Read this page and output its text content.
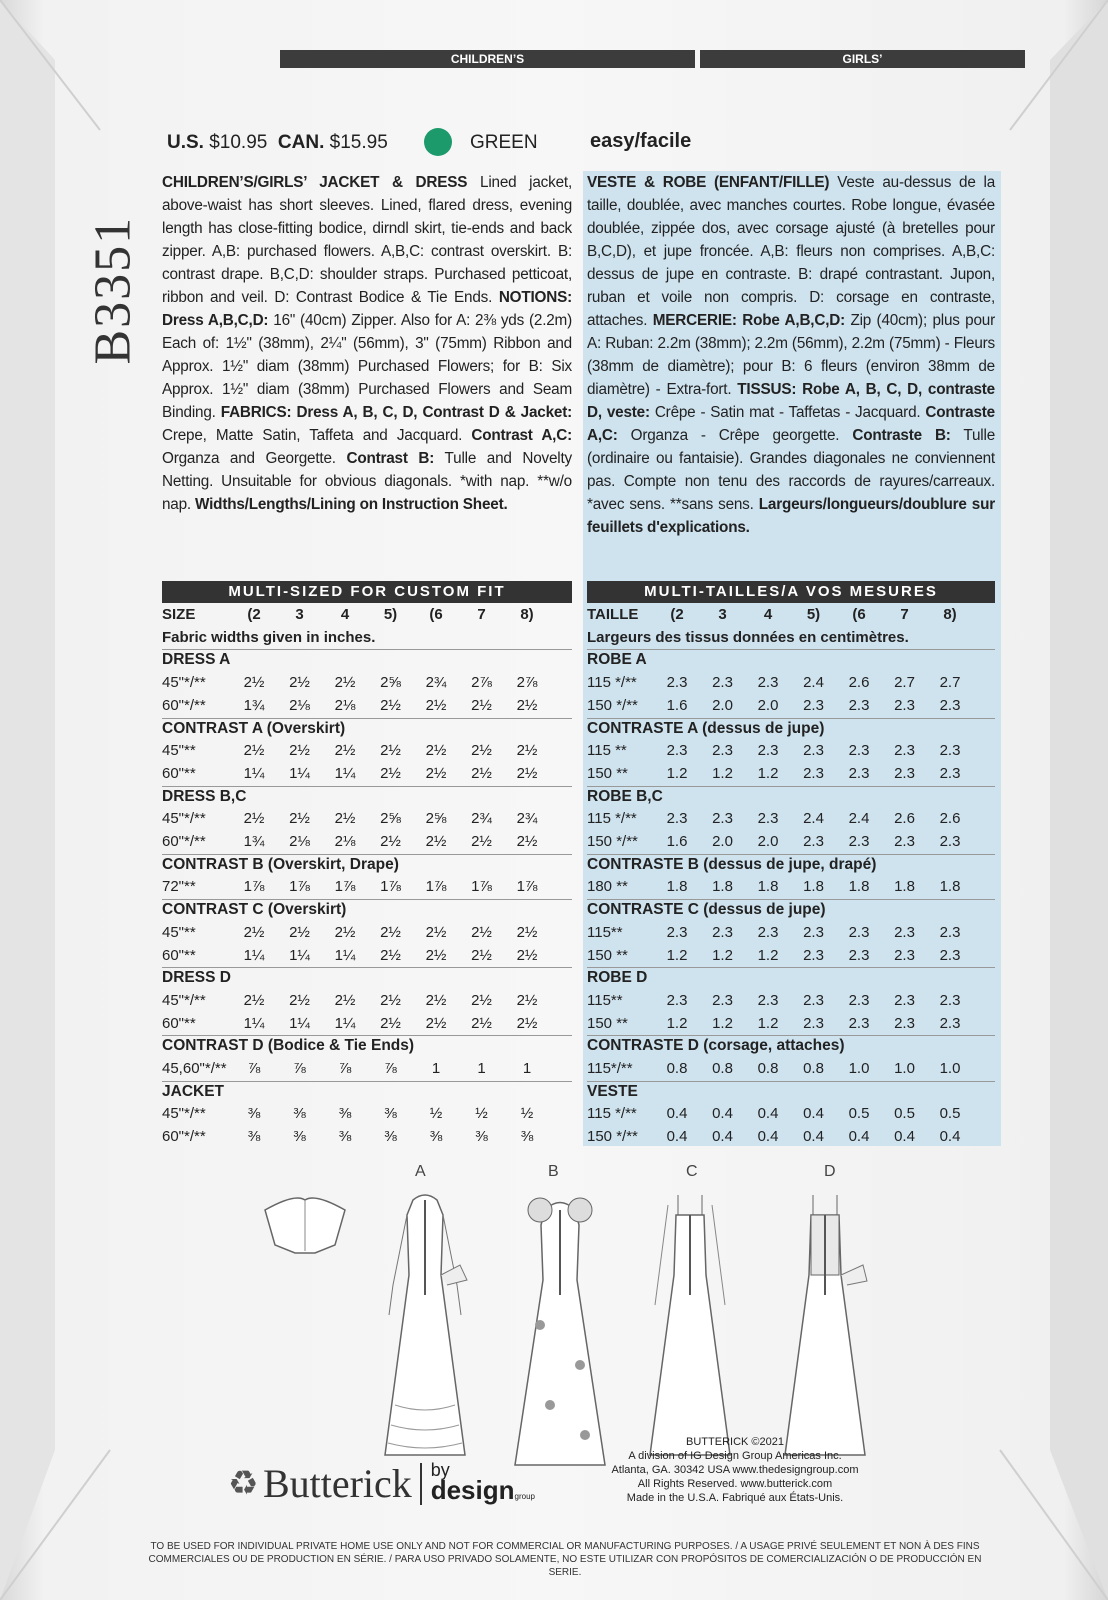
CHILDREN’S	GIRLS’
B3351
U.S. $10.95 CAN. $15.95	GREEN	easy/facile
CHILDREN’S/GIRLS’ JACKET & DRESS Lined jacket, above-waist has short sleeves. Lined, flared dress, evening length has close-fitting bodice, dirndl skirt, tie-ends and back zipper. A,B: purchased flowers. A,B,C: contrast overskirt. B: contrast drape. B,C,D: shoulder straps. Purchased petticoat, ribbon and veil. D: Contrast Bodice & Tie Ends. NOTIONS: Dress A,B,C,D: 16" (40cm) Zipper. Also for A: 2⅜ yds (2.2m) Each of: 1½" (38mm), 2¼" (56mm), 3" (75mm) Ribbon and Approx. 1½" diam (38mm) Purchased Flowers; for B: Six Approx. 1½" diam (38mm) Purchased Flowers and Seam Binding. FABRICS: Dress A, B, C, D, Contrast D & Jacket: Crepe, Matte Satin, Taffeta and Jacquard. Contrast A,C: Organza and Georgette. Contrast B: Tulle and Novelty Netting. Unsuitable for obvious diagonals. *with nap. **w/o nap. Widths/Lengths/Lining on Instruction Sheet.
VESTE & ROBE (ENFANT/FILLE) Veste au-dessus de la taille, doublée, avec manches courtes. Robe longue, évasée doublée, zippée dos, avec corsage ajusté (à bretelles pour B,C,D), et jupe froncée. A,B: fleurs non comprises. A,B,C: dessus de jupe en contraste. B: drapé contrastant. Jupon, ruban et voile non compris. D: corsage en contraste, attaches. MERCERIE: Robe A,B,C,D: Zip (40cm); plus pour A: Ruban: 2.2m (38mm); 2.2m (56mm), 2.2m (75mm) - Fleurs (38mm de diamètre); pour B: 6 fleurs (environ 38mm de diamètre) - Extra-fort. TISSUS: Robe A, B, C, D, contraste D, veste: Crêpe - Satin mat - Taffetas - Jacquard. Contraste A,C: Organza - Crêpe georgette. Contraste B: Tulle (ordinaire ou fantaisie). Grandes diagonales ne conviennent pas. Compte non tenu des raccords de rayures/carreaux. *avec sens. **sans sens. Largeurs/longueurs/doublure sur feuillets d'explications.
MULTI-SIZED FOR CUSTOM FIT	MULTI-TAILLES/A VOS MESURES
SIZE	(2	3	4	5)	(6	7	8)
Fabric widths given in inches.
DRESS A
45"*/**	2½	2½	2½	2⅝	2¾	2⅞	2⅞
60"*/**	1¾	2⅛	2⅛	2½	2½	2½	2½
CONTRAST A (Overskirt)
45"**	2½	2½	2½	2½	2½	2½	2½
60"**	1¼	1¼	1¼	2½	2½	2½	2½
DRESS B,C
45"*/**	2½	2½	2½	2⅝	2⅝	2¾	2¾
60"*/**	1¾	2⅛	2⅛	2½	2½	2½	2½
CONTRAST B (Overskirt, Drape)
72"**	1⅞	1⅞	1⅞	1⅞	1⅞	1⅞	1⅞
CONTRAST C (Overskirt)
45"**	2½	2½	2½	2½	2½	2½	2½
60"**	1¼	1¼	1¼	2½	2½	2½	2½
DRESS D
45"*/**	2½	2½	2½	2½	2½	2½	2½
60"**	1¼	1¼	1¼	2½	2½	2½	2½
CONTRAST D (Bodice & Tie Ends)
45,60"*/**	⅞	⅞	⅞	⅞	1	1	1
JACKET
45"*/**	⅜	⅜	⅜	⅜	½	½	½
60"*/**	⅜	⅜	⅜	⅜	⅜	⅜	⅜
TAILLE	(2	3	4	5)	(6	7	8)
Largeurs des tissus données en centimètres.
ROBE A
115 */**	2.3	2.3	2.3	2.4	2.6	2.7	2.7
150 */**	1.6	2.0	2.0	2.3	2.3	2.3	2.3
CONTRASTE A (dessus de jupe)
115 **	2.3	2.3	2.3	2.3	2.3	2.3	2.3
150 **	1.2	1.2	1.2	2.3	2.3	2.3	2.3
ROBE B,C
115 */**	2.3	2.3	2.3	2.4	2.4	2.6	2.6
150 */**	1.6	2.0	2.0	2.3	2.3	2.3	2.3
CONTRASTE B (dessus de jupe, drapé)
180 **	1.8	1.8	1.8	1.8	1.8	1.8	1.8
CONTRASTE C (dessus de jupe)
115**	2.3	2.3	2.3	2.3	2.3	2.3	2.3
150 **	1.2	1.2	1.2	2.3	2.3	2.3	2.3
ROBE D
115**	2.3	2.3	2.3	2.3	2.3	2.3	2.3
150 **	1.2	1.2	1.2	2.3	2.3	2.3	2.3
CONTRASTE D (corsage, attaches)
115*/**	0.8	0.8	0.8	0.8	1.0	1.0	1.0
VESTE
115 */**	0.4	0.4	0.4	0.4	0.5	0.5	0.5
150 */**	0.4	0.4	0.4	0.4	0.4	0.4	0.4
A	B	C	D
♻ Butterick by
designgroup
BUTTERICK ©2021
A division of IG Design Group Americas Inc.
Atlanta, GA. 30342 USA www.thedesigngroup.com
All Rights Reserved. www.butterick.com
Made in the U.S.A. Fabriqué aux États-Unis.
TO BE USED FOR INDIVIDUAL PRIVATE HOME USE ONLY AND NOT FOR COMMERCIAL OR MANUFACTURING PURPOSES. / A USAGE PRIVÉ SEULEMENT ET NON À DES FINS COMMERCIALES OU DE PRODUCTION EN SÉRIE. / PARA USO PRIVADO SOLAMENTE, NO ESTE UTILIZAR CON PROPÓSITOS DE COMERCIALIZACIÓN O DE PRODUCCIÓN EN SERIE.
